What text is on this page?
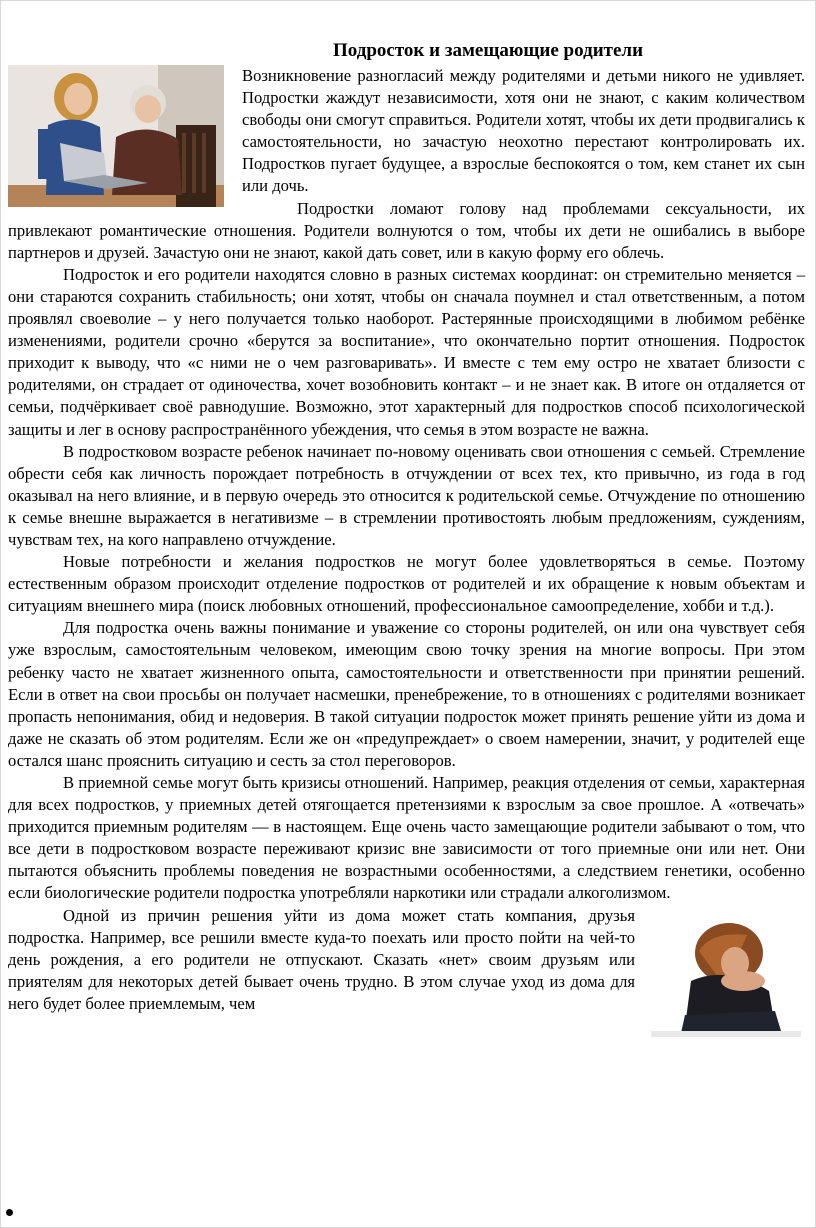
Подросток и замещающие родители

Возникновение разногласий между родителями и детьми никого не удивляет. Подростки жаждут независимости, хотя они не знают, с каким количеством свободы они смогут справиться. Родители хотят, чтобы их дети продвигались к самостоятельности, но зачастую неохотно перестают контролировать их. Подростков пугает будущее, а взрослые беспокоятся о том, кем станет их сын или дочь.

Подростки ломают голову над проблемами сексуальности, их привлекают романтические отношения. Родители волнуются о том, чтобы их дети не ошибались в выборе партнеров и друзей. Зачастую они не знают, какой дать совет, или в какую форму его облечь.

Подросток и его родители находятся словно в разных системах координат: он стремительно меняется – они стараются сохранить стабильность; они хотят, чтобы он сначала поумнел и стал ответственным, а потом проявлял своеволие – у него получается только наоборот. Растерянные происходящими в любимом ребёнке изменениями, родители срочно «берутся за воспитание», что окончательно портит отношения. Подросток приходит к выводу, что «с ними не о чем разговаривать». И вместе с тем ему остро не хватает близости с родителями, он страдает от одиночества, хочет возобновить контакт – и не знает как. В итоге он отдаляется от семьи, подчёркивает своё равнодушие. Возможно, этот характерный для подростков способ психологической защиты и лег в основу распространённого убеждения, что семья в этом возрасте не важна.

В подростковом возрасте ребенок начинает по-новому оценивать свои отношения с семьей. Стремление обрести себя как личность порождает потребность в отчуждении от всех тех, кто привычно, из года в год оказывал на него влияние, и в первую очередь это относится к родительской семье. Отчуждение по отношению к семье внешне выражается в негативизме – в стремлении противостоять любым предложениям, суждениям, чувствам тех, на кого направлено отчуждение.

Новые потребности и желания подростков не могут более удовлетворяться в семье. Поэтому естественным образом происходит отделение подростков от родителей и их обращение к новым объектам и ситуациям внешнего мира (поиск любовных отношений, профессиональное самоопределение, хобби и т.д.).

Для подростка очень важны понимание и уважение со стороны родителей, он или она чувствует себя уже взрослым, самостоятельным человеком, имеющим свою точку зрения на многие вопросы. При этом ребенку часто не хватает жизненного опыта, самостоятельности и ответственности при принятии решений. Если в ответ на свои просьбы он получает насмешки, пренебрежение, то в отношениях с родителями возникает пропасть непонимания, обид и недоверия. В такой ситуации подросток может принять решение уйти из дома и даже не сказать об этом родителям. Если же он «предупреждает» о своем намерении, значит, у родителей еще остался шанс прояснить ситуацию и сесть за стол переговоров.

В приемной семье могут быть кризисы отношений. Например, реакция отделения от семьи, характерная для всех подростков, у приемных детей отягощается претензиями к взрослым за свое прошлое. А «отвечать» приходится приемным родителям — в настоящем. Еще очень часто замещающие родители забывают о том, что все дети в подростковом возрасте переживают кризис вне зависимости от того приемные они или нет. Они пытаются объяснить проблемы поведения не возрастными особенностями, а следствием генетики, особенно если биологические родители подростка употребляли наркотики или страдали алкоголизмом.

Одной из причин решения уйти из дома может стать компания, друзья подростка. Например, все решили вместе куда-то поехать или просто пойти на чей-то день рождения, а его родители не отпускают. Сказать «нет» своим друзьям или приятелям для некоторых детей бывает очень трудно. В этом случае уход из дома для него будет более приемлемым, чем
